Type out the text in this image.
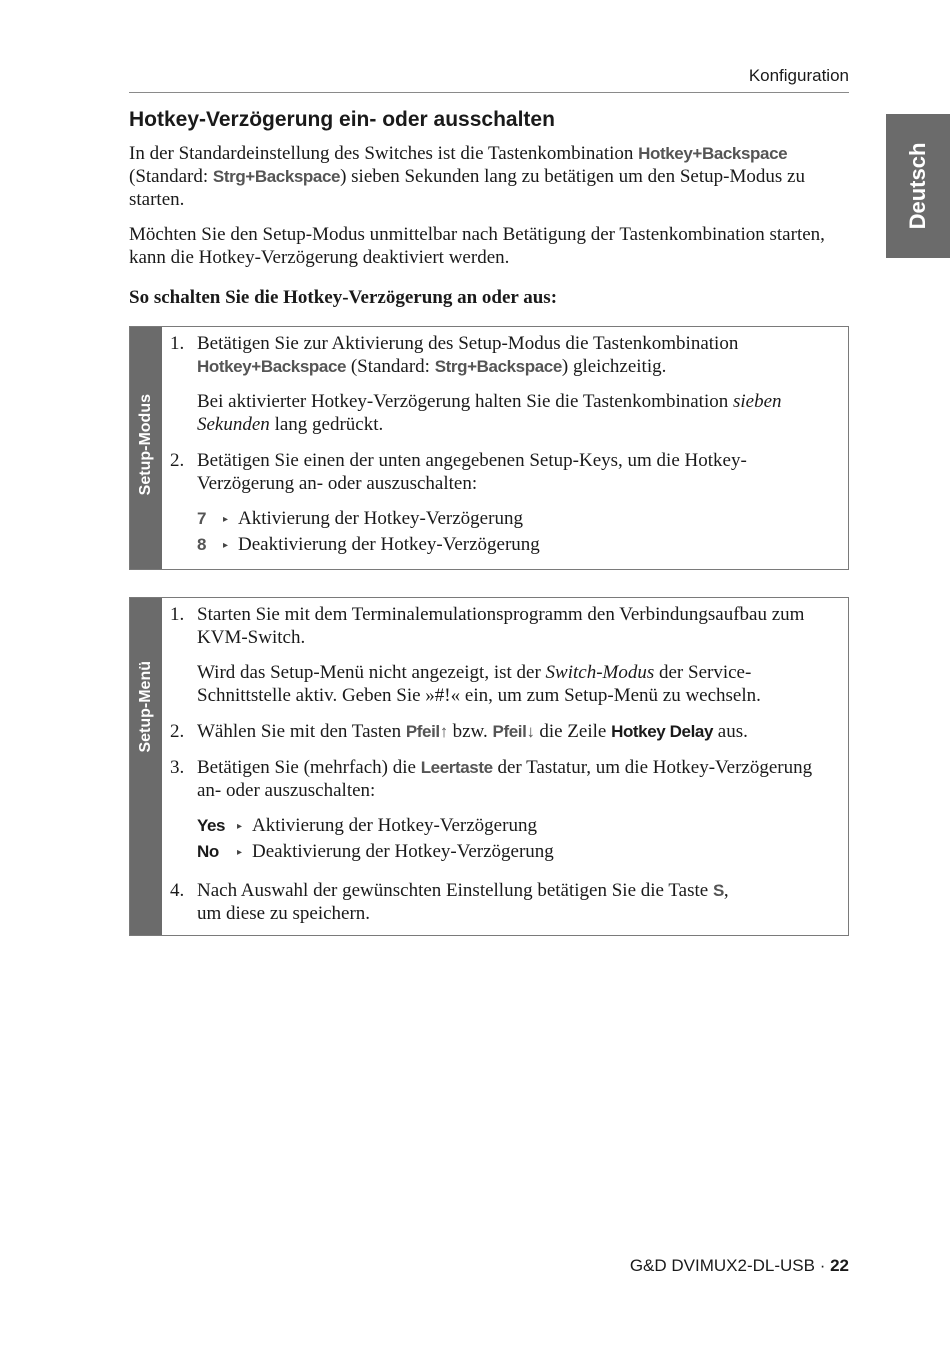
Konfiguration
Deutsch
Hotkey-Verzögerung ein- oder ausschalten

In der Standardeinstellung des Switches ist die Tastenkombination Hotkey+Backspace
(Standard: Strg+Backspace) sieben Sekunden lang zu betätigen um den Setup-Modus zu starten.

Möchten Sie den Setup-Modus unmittelbar nach Betätigung der Tastenkombination starten, kann die Hotkey-Verzögerung deaktiviert werden.

So schalten Sie die Hotkey-Verzögerung an oder aus:

Setup-Modus
1. Betätigen Sie zur Aktivierung des Setup-Modus die Tastenkombination
Hotkey+Backspace (Standard: Strg+Backspace) gleichzeitig.

Bei aktivierter Hotkey-Verzögerung halten Sie die Tastenkombination sieben Sekunden lang gedrückt.

2. Betätigen Sie einen der unten angegebenen Setup-Keys, um die Hotkey-Verzögerung an- oder auszuschalten:

7	▸ Aktivierung der Hotkey-Verzögerung
8	▸ Deaktivierung der Hotkey-Verzögerung
Setup-Menü
1. Starten Sie mit dem Terminalemulationsprogramm den Verbindungsaufbau zum KVM-Switch.

Wird das Setup-Menü nicht angezeigt, ist der Switch-Modus der Service-Schnittstelle aktiv. Geben Sie »#!« ein, um zum Setup-Menü zu wechseln.

2. Wählen Sie mit den Tasten Pfeil↑ bzw. Pfeil↓ die Zeile Hotkey Delay aus.

3. Betätigen Sie (mehrfach) die Leertaste der Tastatur, um die Hotkey-Verzögerung an- oder auszuschalten:

Yes	▸ Aktivierung der Hotkey-Verzögerung
No	▸ Deaktivierung der Hotkey-Verzögerung
4. Nach Auswahl der gewünschten Einstellung betätigen Sie die Taste S,
um diese zu speichern.

G&D DVIMUX2-DL-USB · 22
